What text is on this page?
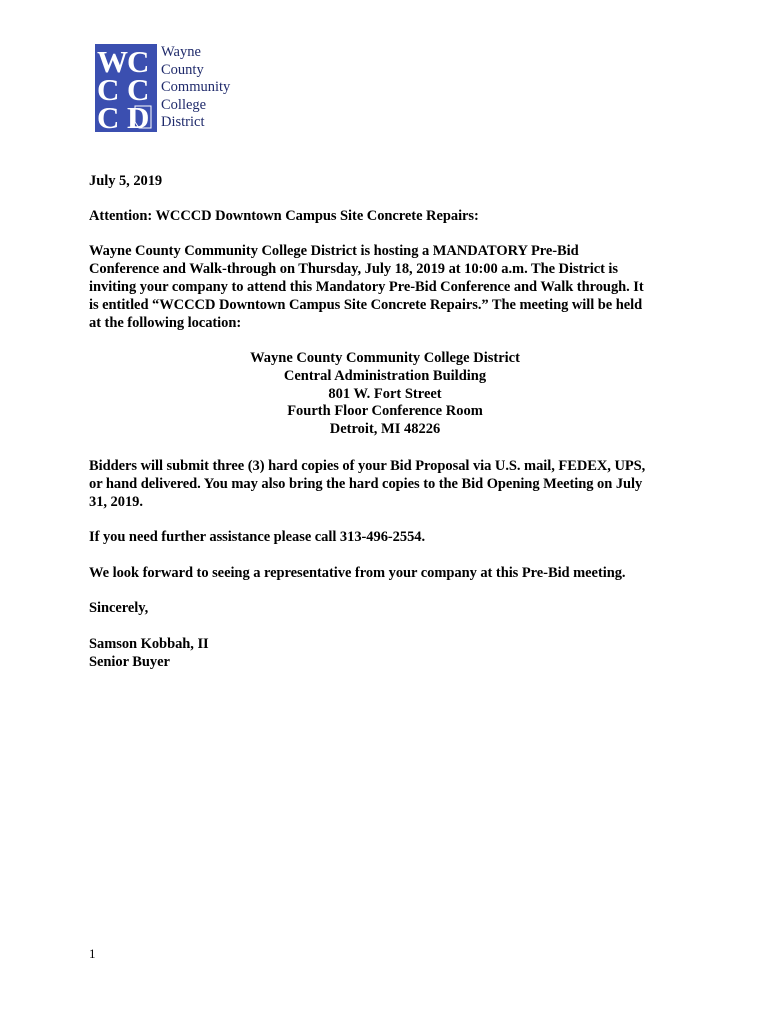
W C
C C
C D
Wayne
County
Community
College
District
July 5, 2019
Attention: WCCCD Downtown Campus Site Concrete Repairs:
Wayne County Community College District is hosting a MANDATORY Pre-Bid
Conference and Walk-through on Thursday, July 18, 2019 at 10:00 a.m. The District is
inviting your company to attend this Mandatory Pre-Bid Conference and Walk through. It
is entitled “WCCCD Downtown Campus Site Concrete Repairs.” The meeting will be held
at the following location:
Wayne County Community College District
Central Administration Building
801 W. Fort Street
Fourth Floor Conference Room
Detroit, MI 48226
Bidders will submit three (3) hard copies of your Bid Proposal via U.S. mail, FEDEX, UPS,
or hand delivered. You may also bring the hard copies to the Bid Opening Meeting on July
31, 2019.
If you need further assistance please call 313-496-2554.
We look forward to seeing a representative from your company at this Pre-Bid meeting.
Sincerely,
Samson Kobbah, II
Senior Buyer
1
